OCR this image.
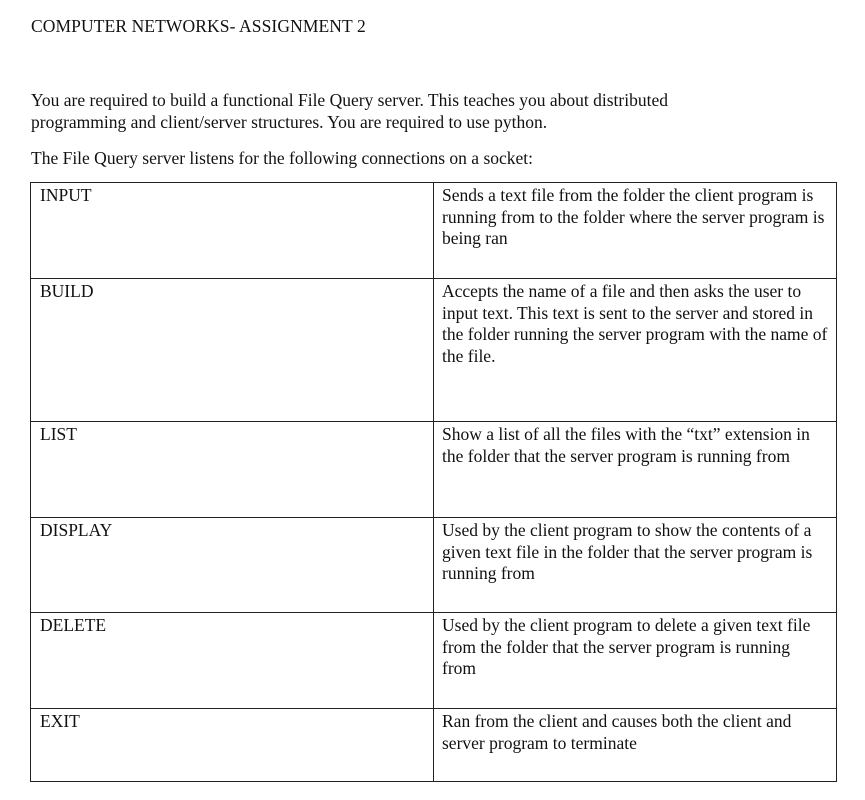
COMPUTER NETWORKS- ASSIGNMENT 2
You are required to build a functional File Query server. This teaches you about distributed
programming and client/server structures. You are required to use python.
The File Query server listens for the following connections on a socket:
INPUT	Sends a text file from the folder the client program is running from to the folder where the server program is being ran
BUILD	Accepts the name of a file and then asks the user to input text. This text is sent to the server and stored in the folder running the server program with the name of the file.
LIST	Show a list of all the files with the “txt” extension in the folder that the server program is running from
DISPLAY	Used by the client program to show the contents of a given text file in the folder that the server program is running from
DELETE	Used by the client program to delete a given text file from the folder that the server program is running from
EXIT	Ran from the client and causes both the client and server program to terminate
